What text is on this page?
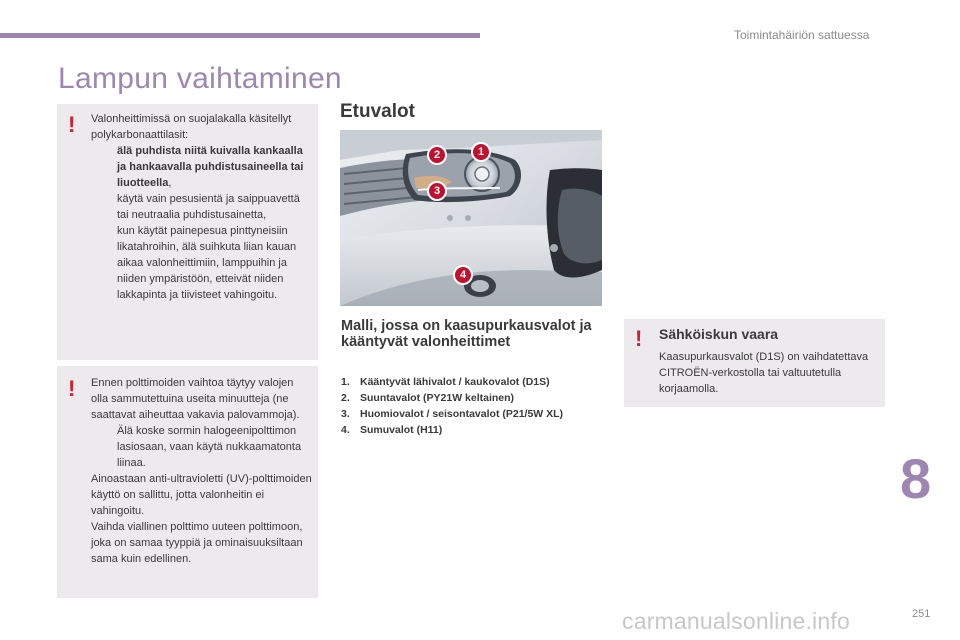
Toimintahäiriön sattuessa
Lampun vaihtaminen
! Valonheittimissä on suojalakalla käsitellyt polykarbonaattilasit:

älä puhdista niitä kuivalla kankaalla ja hankaavalla puhdistusaineella tai liuotteella,
käytä vain pesusientä ja saippuavettä tai neutraalia puhdistusainetta,
kun käytät painepesua pinttyneisiin likatahroihin, älä suihkuta liian kauan aikaa valonheittimiin, lamppuihin ja niiden ympäristöön, etteivät niiden lakkapinta ja tiivisteet vahingoitu.
! Ennen polttimoiden vaihtoa täytyy valojen olla sammutettuina useita minuutteja (ne saattavat aiheuttaa vakavia palovammoja).

Älä koske sormin halogeenipolttimon lasiosaan, vaan käytä nukkaamatonta liinaa.

Ainoastaan anti-ultravioletti (UV)-polttimoiden käyttö on sallittu, jotta valonheitin ei vahingoitu.

Vaihda viallinen polttimo uuteen polttimoon, joka on samaa tyyppiä ja ominaisuuksiltaan sama kuin edellinen.

Etuvalot
1
2
3
4
Malli, jossa on kaasupurkausvalot ja kääntyvät valonheittimet
1. Kääntyvät lähivalot / kaukovalot (D1S)
2. Suuntavalot (PY21W keltainen)
3. Huomiovalot / seisontavalot (P21/5W XL)
4. Sumuvalot (H11)
! Sähköiskun vaara
Kaasupurkausvalot (D1S) on vaihdatettava CITROËN-verkostolla tai valtuutetulla korjaamolla.
8
carmanualsonline.info	251
